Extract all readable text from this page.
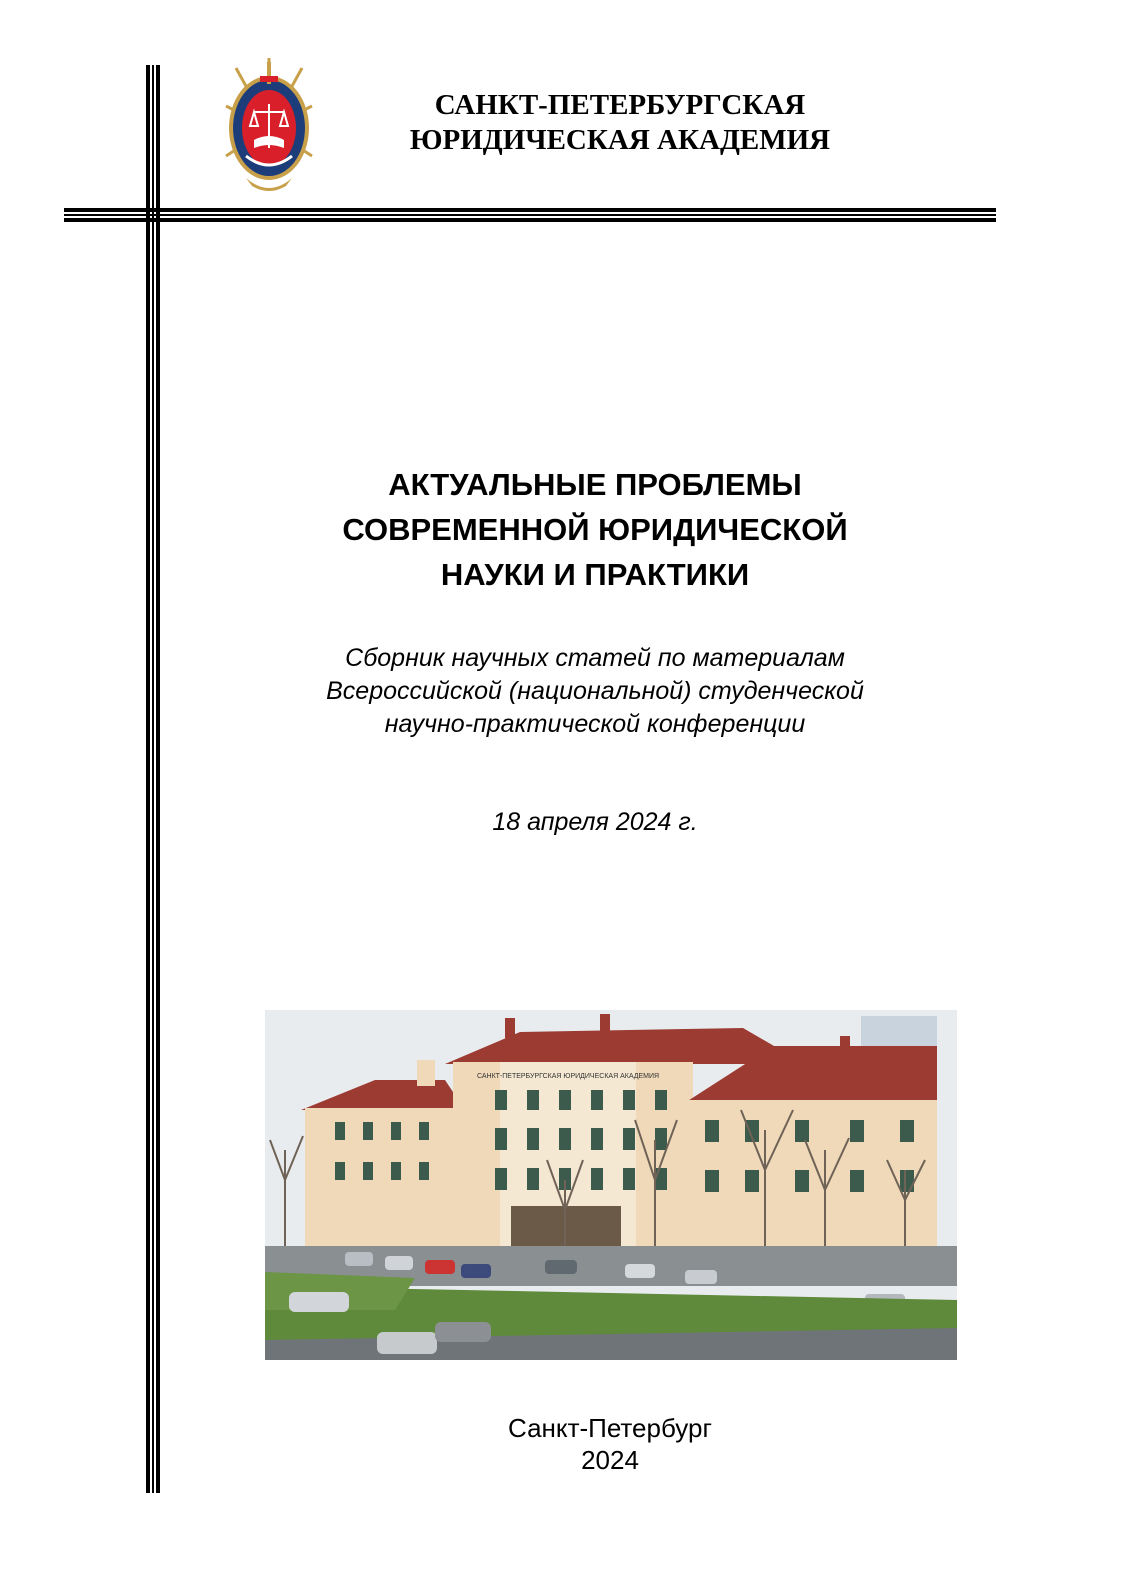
САНКТ-ПЕТЕРБУРГСКАЯ
ЮРИДИЧЕСКАЯ АКАДЕМИЯ
АКТУАЛЬНЫЕ ПРОБЛЕМЫ
СОВРЕМЕННОЙ ЮРИДИЧЕСКОЙ
НАУКИ И ПРАКТИКИ
Сборник научных статей по материалам
Всероссийской (национальной) студенческой
научно-практической конференции
18 апреля 2024 г.
САНКТ-ПЕТЕРБУРГСКАЯ ЮРИДИЧЕСКАЯ АКАДЕМИЯ
Санкт-Петербург
2024
